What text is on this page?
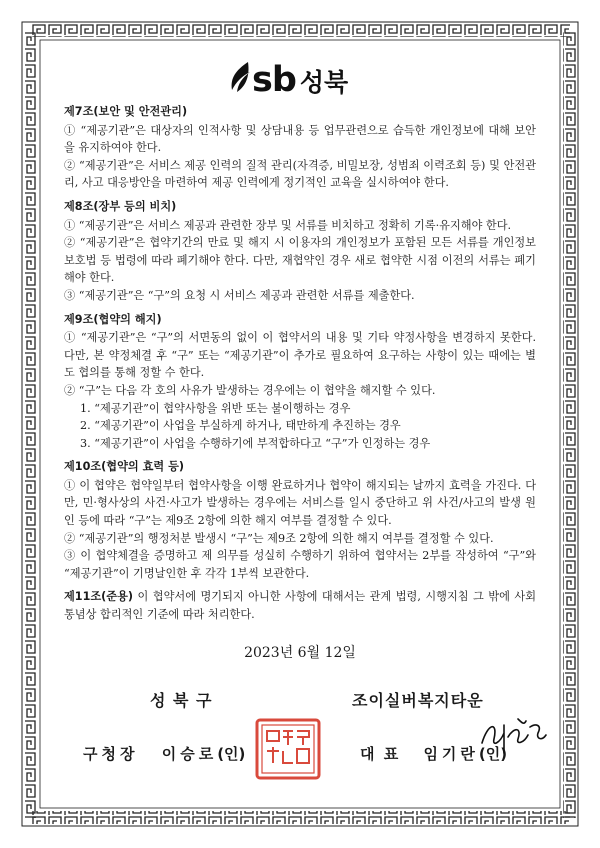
sb 성북
제7조(보안 및 안전관리)

① “제공기관”은 대상자의 인적사항 및 상담내용 등 업무관련으로 습득한 개인정보에 대해 보안을 유지하여야 한다.

② “제공기관”은 서비스 제공 인력의 질적 관리(자격증, 비밀보장, 성범죄 이력조회 등) 및 안전관리, 사고 대응방안을 마련하여 제공 인력에게 정기적인 교육을 실시하여야 한다.

제8조(장부 등의 비치)

① “제공기관”은 서비스 제공과 관련한 장부 및 서류를 비치하고 정확히 기록·유지해야 한다.

② “제공기관”은 협약기간의 만료 및 해지 시 이용자의 개인정보가 포함된 모든 서류를 개인정보 보호법 등 법령에 따라 폐기해야 한다. 다만, 재협약인 경우 새로 협약한 시점 이전의 서류는 폐기해야 한다.

③ “제공기관”은 “구”의 요청 시 서비스 제공과 관련한 서류를 제출한다.

제9조(협약의 해지)

① “제공기관”은 “구”의 서면동의 없이 이 협약서의 내용 및 기타 약정사항을 변경하지 못한다. 다만, 본 약정체결 후 “구” 또는 “제공기관”이 추가로 필요하여 요구하는 사항이 있는 때에는 별도 협의를 통해 정할 수 한다.

② “구”는 다음 각 호의 사유가 발생하는 경우에는 이 협약을 해지할 수 있다.

1. “제공기관”이 협약사항을 위반 또는 불이행하는 경우

2. “제공기관”이 사업을 부실하게 하거나, 태만하게 추진하는 경우

3. “제공기관”이 사업을 수행하기에 부적합하다고 “구”가 인정하는 경우

제10조(협약의 효력 등)

① 이 협약은 협약일부터 협약사항을 이행 완료하거나 협약이 해지되는 날까지 효력을 가진다. 다만, 민·형사상의 사건·사고가 발생하는 경우에는 서비스를 일시 중단하고 위 사건/사고의 발생 원인 등에 따라 “구”는 제9조 2항에 의한 해지 여부를 결정할 수 있다.

② “제공기관”의 행정처분 발생시 “구”는 제9조 2항에 의한 해지 여부를 결정할 수 있다.

③ 이 협약체결을 증명하고 제 의무를 성실히 수행하기 위하여 협약서는 2부를 작성하여 “구”와 “제공기관”이 기명날인한 후 각각 1부씩 보관한다.

제11조(준용) 이 협약서에 명기되지 아니한 사항에 대해서는 관계 법령, 시행지침 그 밖에 사회 통념상 합리적인 기준에 따라 처리한다.

2023년 6월 12일
성 북 구	조이실버복지타운
구청장 이승로(인)	대 표 임기란(인)
